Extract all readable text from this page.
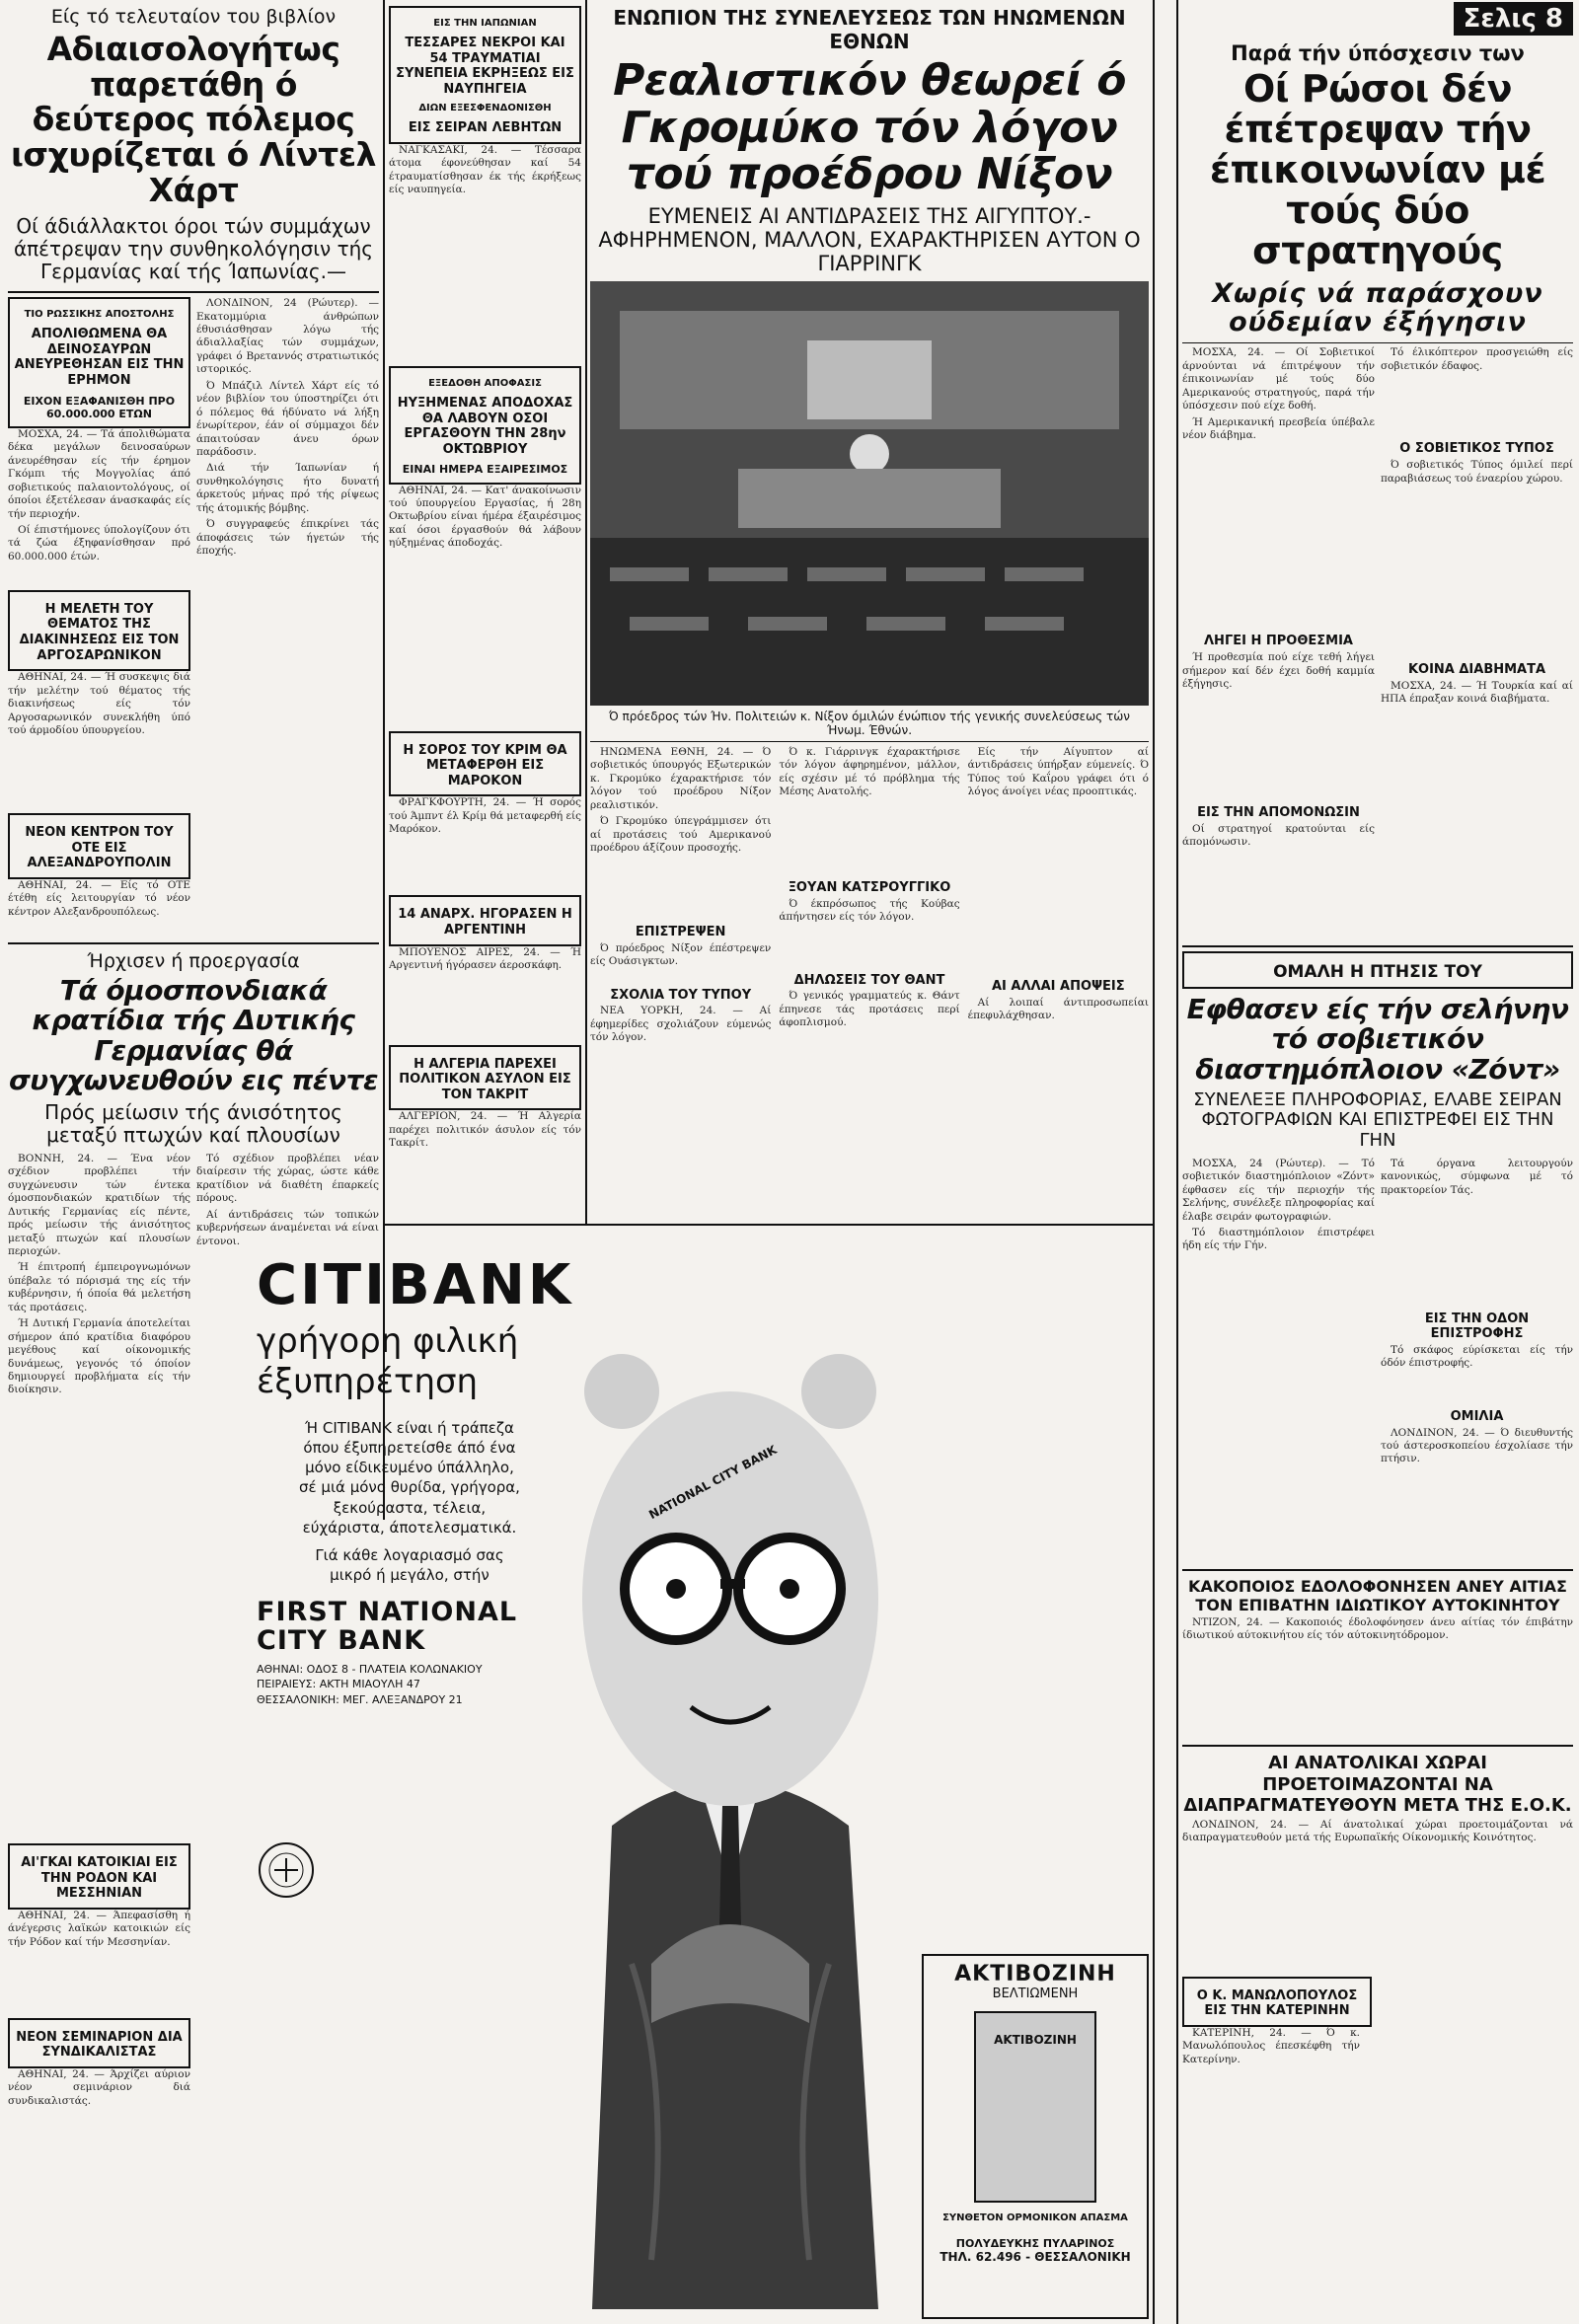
Είς τό τελευταίον του βιβλίον
Αδιαισολογήτως παρετάθη ό δεύτερος πόλεμος ισχυρίζεται ό Λίντελ Χάρτ
Οί άδιάλλακτοι όροι τών συμμάχων άπέτρεψαν την συνθηκολόγησιν τής Γερμανίας καί τής Ίαπωνίας.—
ΤΙΟ ΡΩΣΣΙΚΗΣ ΑΠΟΣΤΟΛΗΣ
ΑΠΟΛΙΘΩΜΕΝΑ ΘΑ ΔΕΙΝΟΣΑΥΡΩΝ ΑΝΕΥΡΕΘΗΣΑΝ ΕΙΣ ΤΗΝ ΕΡΗΜΟΝ
ΕΙΧΟΝ ΕΞΑΦΑΝΙΣΘΗ ΠΡΟ 60.000.000 ΕΤΩΝ

ΜΟΣΧΑ, 24. — Τά άπολιθώματα δέκα μεγάλων δεινοσαύρων άνευρέθησαν είς τήν έρημον Γκόμπι τής Μογγολίας άπό σοβιετικούς παλαιοντολόγους, οί όποίοι έξετέλεσαν άνασκαφάς είς τήν περιοχήν.

Οί έπιστήμονες ύπολογίζουν ότι τά ζώα έξηφανίσθησαν πρό 60.000.000 έτών.

Η ΜΕΛΕΤΗ ΤΟΥ ΘΕΜΑΤΟΣ ΤΗΣ ΔΙΑΚΙΝΗΣΕΩΣ ΕΙΣ ΤΟΝ ΑΡΓΟΣΑΡΩΝΙΚΟΝ

ΑΘΗΝΑΙ, 24. — Ή συσκεψις διά τήν μελέτην τού θέματος τής διακινήσεως είς τόν Αργοσαρωνικόν συνεκλήθη ύπό τού άρμοδίου ύπουργείου.

ΝΕΟΝ ΚΕΝΤΡΟΝ ΤΟΥ ΟΤΕ ΕΙΣ ΑΛΕΞΑΝΔΡΟΥΠΟΛΙΝ

ΑΘΗΝΑΙ, 24. — Είς τό ΟΤΕ έτέθη είς λειτουργίαν τό νέον κέντρον Αλεξανδρουπόλεως.

ΛΟΝΔΙΝΟΝ, 24 (Ρώυτερ). — Εκατομμύρια άνθρώπων έθυσιάσθησαν λόγω τής άδιαλλαξίας τών συμμάχων, γράφει ό Βρεταννός στρατιωτικός ιστορικός.

Ό Μπάζιλ Λίντελ Χάρτ είς τό νέον βιβλίον του ύποστηρίζει ότι ό πόλεμος θά ήδύνατο νά λήξη ένωρίτερον, έάν οί σύμμαχοι δέν άπαιτούσαν άνευ όρων παράδοσιν.

Διά τήν Ίαπωνίαν ή συνθηκολόγησις ήτο δυνατή άρκετούς μήνας πρό τής ρίψεως τής άτομικής βόμβης.

Ό συγγραφεύς έπικρίνει τάς άποφάσεις τών ήγετών τής έποχής.

Ήρχισεν ή προεργασία
Τά όμοσπονδιακά κρατίδια τής Δυτικής Γερμανίας θά συγχωνευθούν εις πέντε
Πρός μείωσιν τής άνισότητος μεταξύ πτωχών καί πλουσίων

ΒΟΝΝΗ, 24. — Ένα νέον σχέδιον προβλέπει τήν συγχώνευσιν τών έντεκα όμοσπονδιακών κρατιδίων τής Δυτικής Γερμανίας είς πέντε, πρός μείωσιν τής άνισότητος μεταξύ πτωχών καί πλουσίων περιοχών.

Ή έπιτροπή έμπειρογνωμόνων ύπέβαλε τό πόρισμά της είς τήν κυβέρνησιν, ή όποία θά μελετήση τάς προτάσεις.

Ή Δυτική Γερμανία άποτελείται σήμερον άπό κρατίδια διαφόρου μεγέθους καί οίκονομικής δυνάμεως, γεγονός τό όποίον δημιουργεί προβλήματα είς τήν διοίκησιν.

ΑΙ'ΓΚΑΙ ΚΑΤΟΙΚΙΑΙ ΕΙΣ ΤΗΝ ΡΟΔΟΝ ΚΑΙ ΜΕΣΣΗΝΙΑΝ

ΑΘΗΝΑΙ, 24. — Άπεφασίσθη ή άνέγερσις λαϊκών κατοικιών είς τήν Ρόδον καί τήν Μεσσηνίαν.

ΝΕΟΝ ΣΕΜΙΝΑΡΙΟΝ ΔΙΑ ΣΥΝΔΙΚΑΛΙΣΤΑΣ

ΑΘΗΝΑΙ, 24. — Άρχίζει αύριον νέον σεμινάριον διά συνδικαλιστάς.

Τό σχέδιον προβλέπει νέαν διαίρεσιν τής χώρας, ώστε κάθε κρατίδιον νά διαθέτη έπαρκείς πόρους.

Αί άντιδράσεις τών τοπικών κυβερνήσεων άναμένεται νά είναι έντονοι.

ΕΙΣ ΤΗΝ ΙΑΠΩΝΙΑΝ
ΤΕΣΣΑΡΕΣ ΝΕΚΡΟΙ ΚΑΙ 54 ΤΡΑΥΜΑΤΙΑΙ ΣΥΝΕΠΕΙΑ ΕΚΡΗΞΕΩΣ ΕΙΣ ΝΑΥΠΗΓΕΙΑ
ΔΙΩΝ ΕΞΕΣΦΕΝΔΟΝΙΣΘΗ
ΕΙΣ ΣΕΙΡΑΝ ΛΕΒΗΤΩΝ

ΝΑΓΚΑΣΑΚΙ, 24. — Τέσσαρα άτομα έφονεύθησαν καί 54 έτραυματίσθησαν έκ τής έκρήξεως είς ναυπηγεία.

ΕΞΕΔΟΘΗ ΑΠΟΦΑΣΙΣ
ΗΥΞΗΜΕΝΑΣ ΑΠΟΔΟΧΑΣ ΘΑ ΛΑΒΟΥΝ ΟΣΟΙ ΕΡΓΑΣΘΟΥΝ ΤΗΝ 28ην ΟΚΤΩΒΡΙΟΥ
ΕΙΝΑΙ ΗΜΕΡΑ ΕΞΑΙΡΕΣΙΜΟΣ

ΑΘΗΝΑΙ, 24. — Κατ' άνακοίνωσιν τού ύπουργείου Εργασίας, ή 28η Οκτωβρίου είναι ήμέρα έξαιρέσιμος καί όσοι έργασθούν θά λάβουν ηύξημένας άποδοχάς.

Η ΣΟΡΟΣ ΤΟΥ ΚΡΙΜ ΘΑ ΜΕΤΑΦΕΡΘΗ ΕΙΣ ΜΑΡΟΚΟΝ

ΦΡΑΓΚΦΟΥΡΤΗ, 24. — Ή σορός τού Άμπντ έλ Κρίμ θά μεταφερθή είς Μαρόκον.

14 ΑΝΑΡΧ. ΗΓΟΡΑΣΕΝ Η ΑΡΓΕΝΤΙΝΗ

ΜΠΟΥΕΝΟΣ ΑΙΡΕΣ, 24. — Ή Αργεντινή ήγόρασεν άεροσκάφη.

Η ΑΛΓΕΡΙΑ ΠΑΡΕΧΕΙ ΠΟΛΙΤΙΚΟΝ ΑΣΥΛΟΝ ΕΙΣ ΤΟΝ ΤΑΚΡΙΤ

ΑΛΓΕΡΙΟΝ, 24. — Ή Αλγερία παρέχει πολιτικόν άσυλον είς τόν Τακρίτ.

ΕΝΩΠΙΟΝ ΤΗΣ ΣΥΝΕΛΕΥΣΕΩΣ ΤΩΝ ΗΝΩΜΕΝΩΝ ΕΘΝΩΝ
Ρεαλιστικόν θεωρεί ό Γκρομύκο τόν λόγον τού προέδρου Νίξον
ΕΥΜΕΝΕΙΣ ΑΙ ΑΝΤΙΔΡΑΣΕΙΣ ΤΗΣ ΑΙΓΥΠΤΟΥ.- ΑΦΗΡΗΜΕΝΟΝ, ΜΑΛΛΟΝ, ΕΧΑΡΑΚΤΗΡΙΣΕΝ ΑΥΤΟΝ Ο ΓΙΑΡΡΙΝΓΚ
Ό πρόεδρος τών Ήν. Πολιτειών κ. Νίξον όμιλών ένώπιον τής γενικής συνελεύσεως τών Ήνωμ. Έθνών.

ΗΝΩΜΕΝΑ ΕΘΝΗ, 24. — Ό σοβιετικός ύπουργός Εξωτερικών κ. Γκρομύκο έχαρακτήρισε τόν λόγον τού προέδρου Νίξον ρεαλιστικόν.

Ό Γκρομύκο ύπεγράμμισεν ότι αί προτάσεις τού Αμερικανού προέδρου άξίζουν προσοχής.

ΕΠΙΣΤΡΕΨΕΝ

Ό πρόεδρος Νίξον έπέστρεψεν είς Ουάσιγκτων.

ΣΧΟΛΙΑ ΤΟΥ ΤΥΠΟΥ

ΝΕΑ ΥΟΡΚΗ, 24. — Αί έφημερίδες σχολιάζουν εύμενώς τόν λόγον.

Ό κ. Γιάρρινγκ έχαρακτήρισε τόν λόγον άφηρημένον, μάλλον, είς σχέσιν μέ τό πρόβλημα τής Μέσης Ανατολής.

ΞΟΥΑΝ ΚΑΤΣΡΟΥΓΓΙΚΟ

Ό έκπρόσωπος τής Κούβας άπήντησεν είς τόν λόγον.

ΔΗΛΩΣΕΙΣ ΤΟΥ ΘΑΝΤ

Ό γενικός γραμματεύς κ. Θάντ έπηνεσε τάς προτάσεις περί άφοπλισμού.

Είς τήν Αίγυπτον αί άντιδράσεις ύπήρξαν εύμενείς. Ό Τύπος τού Καΐρου γράφει ότι ό λόγος άνοίγει νέας προοπτικάς.

ΑΙ ΑΛΛΑΙ ΑΠΟΨΕΙΣ

Αί λοιπαί άντιπροσωπείαι έπεφυλάχθησαν.

CITIBANK
γρήγορη φιλική έξυπηρέτηση
Ή CITIBANK είναι ή τράπεζα όπου έξυπηρετείσθε άπό ένα μόνο είδικευμένο ύπάλληλο, σέ μιά μόνο θυρίδα, γρήγορα, ξεκούραστα, τέλεια, εύχάριστα, άποτελεσματικά.
Γιά κάθε λογαριασμό σας μικρό ή μεγάλο, στήν
FIRST NATIONAL CITY BANK
ΑΘΗΝΑΙ: ΟΔΟΣ 8 - ΠΛΑΤΕΙΑ ΚΟΛΩΝΑΚΙΟΥ
ΠΕΙΡΑΙΕΥΣ: ΑΚΤΗ ΜΙΑΟΥΛΗ 47
ΘΕΣΣΑΛΟΝΙΚΗ: ΜΕΓ. ΑΛΕΞΑΝΔΡΟΥ 21
NATIONAL CITY BANK
ΑΚΤΙΒΟΖΙΝΗ
ΒΕΛΤΙΩΜΕΝΗ
ΑΚΤΙΒΟΖΙΝΗ
ΣΥΝΘΕΤΟΝ ΟΡΜΟΝΙΚΟΝ ΑΠΑΣΜΑ
ΠΟΛΥΔΕΥΚΗΣ ΠΥΛΑΡΙΝΟΣ
ΤΗΛ. 62.496 - ΘΕΣΣΑΛΟΝΙΚΗ
Σελις 8
Παρά τήν ύπόσχεσιν των
Οί Ρώσοι δέν έπέτρεψαν τήν έπικοινωνίαν μέ τούς δύο στρατηγούς
Χωρίς νά παράσχουν ούδεμίαν έξήγησιν

ΜΟΣΧΑ, 24. — Οί Σοβιετικοί άρνούνται νά έπιτρέψουν τήν έπικοινωνίαν μέ τούς δύο Αμερικανούς στρατηγούς, παρά τήν ύπόσχεσιν πού είχε δοθή.

Ή Αμερικανική πρεσβεία ύπέβαλε νέον διάβημα.

ΛΗΓΕΙ Η ΠΡΟΘΕΣΜΙΑ

Ή προθεσμία πού είχε τεθή λήγει σήμερον καί δέν έχει δοθή καμμία έξήγησις.

ΕΙΣ ΤΗΝ ΑΠΟΜΟΝΩΣΙΝ

Οί στρατηγοί κρατούνται είς άπομόνωσιν.

Τό έλικόπτερον προσγειώθη είς σοβιετικόν έδαφος.

Ο ΣΟΒΙΕΤΙΚΟΣ ΤΥΠΟΣ

Ό σοβιετικός Τύπος όμιλεί περί παραβιάσεως τού έναερίου χώρου.

ΚΟΙΝΑ ΔΙΑΒΗΜΑΤΑ

ΜΟΣΧΑ, 24. — Ή Τουρκία καί αί ΗΠΑ έπραξαν κοινά διαβήματα.

ΟΜΑΛΗ Η ΠΤΗΣΙΣ ΤΟΥ
Εφθασεν είς τήν σελήνην τό σοβιετικόν διαστημόπλοιον «Ζόντ»
ΣΥΝΕΛΕΞΕ ΠΛΗΡΟΦΟΡΙΑΣ, ΕΛΑΒΕ ΣΕΙΡΑΝ ΦΩΤΟΓΡΑΦΙΩΝ ΚΑΙ ΕΠΙΣΤΡΕΦΕΙ ΕΙΣ ΤΗΝ ΓΗΝ

ΜΟΣΧΑ, 24 (Ρώυτερ). — Τό σοβιετικόν διαστημόπλοιον «Ζόντ» έφθασεν είς τήν περιοχήν τής Σελήνης, συνέλεξε πληροφορίας καί έλαβε σειράν φωτογραφιών.

Τό διαστημόπλοιον έπιστρέφει ήδη είς τήν Γήν.

Τά όργανα λειτουργούν κανονικώς, σύμφωνα μέ τό πρακτορείον Τάς.

ΕΙΣ ΤΗΝ ΟΔΟΝ ΕΠΙΣΤΡΟΦΗΣ

Τό σκάφος εύρίσκεται είς τήν όδόν έπιστροφής.

ΟΜΙΛΙΑ

ΛΟΝΔΙΝΟΝ, 24. — Ό διευθυντής τού άστεροσκοπείου έσχολίασε τήν πτήσιν.

ΚΑΚΟΠΟΙΟΣ ΕΔΟΛΟΦΟΝΗΣΕΝ ΑΝΕΥ ΑΙΤΙΑΣ ΤΟΝ ΕΠΙΒΑΤΗΝ ΙΔΙΩΤΙΚΟΥ ΑΥΤΟΚΙΝΗΤΟΥ

ΝΤΙΖΟΝ, 24. — Κακοποιός έδολοφόνησεν άνευ αίτίας τόν έπιβάτην ίδιωτικού αύτοκινήτου είς τόν αύτοκινητόδρομον.

ΑΙ ΑΝΑΤΟΛΙΚΑΙ ΧΩΡΑΙ ΠΡΟΕΤΟΙΜΑΖΟΝΤΑΙ ΝΑ ΔΙΑΠΡΑΓΜΑΤΕΥΘΟΥΝ ΜΕΤΑ ΤΗΣ Ε.Ο.Κ.

ΛΟΝΔΙΝΟΝ, 24. — Αί άνατολικαί χώραι προετοιμάζονται νά διαπραγματευθούν μετά τής Ευρωπαϊκής Οίκονομικής Κοινότητος.

Ο Κ. ΜΑΝΩΛΟΠΟΥΛΟΣ ΕΙΣ ΤΗΝ ΚΑΤΕΡΙΝΗΝ

ΚΑΤΕΡΙΝΗ, 24. — Ό κ. Μανωλόπουλος έπεσκέφθη τήν Κατερίνην.
